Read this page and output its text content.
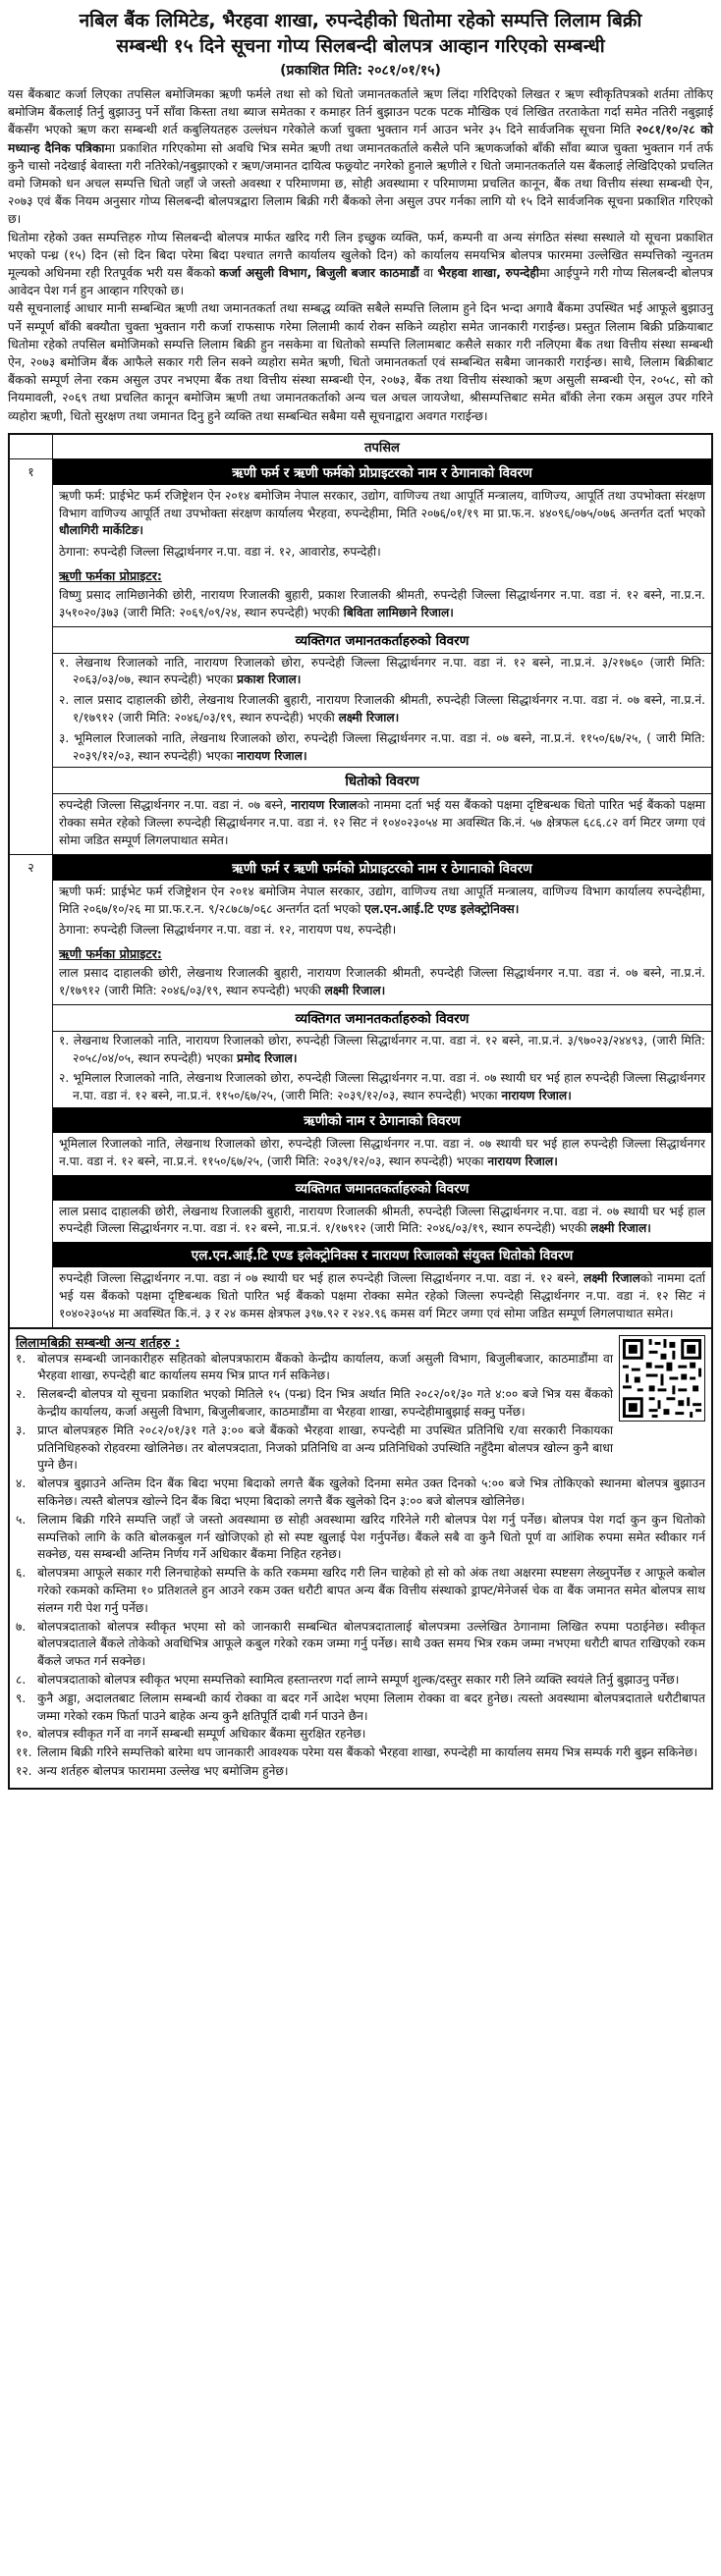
नबिल बैंक लिमिटेड, भैरहवा शाखा, रुपन्देहीको धितोमा रहेको सम्पत्ति लिलाम बिक्री
सम्बन्धी १५ दिने सूचना गोप्य सिलबन्दी बोलपत्र आव्हान गरिएको सम्बन्धी
(प्रकाशित मिति: २०८१/०१/१५)

यस बैंकबाट कर्जा लिएका तपसिल बमोजिमका ऋणी फर्मले तथा सो को धितो जमानतकर्ताले ऋण लिंदा गरिदिएको लिखत र ऋण स्वीकृतिपत्रको शर्तमा तोकिए बमोजिम बैंकलाई तिर्नु बुझाउनु पर्ने साँवा किस्ता तथा ब्याज समेतका र कमाहर तिर्न बुझाउन पटक पटक मौखिक एवं लिखित तरताकेता गर्दा समेत नतिरी नबुझाई बैंकसँग भएको ऋण करा सम्बन्धी शर्त कबुलियतहरु उल्लंघन गरेकोले कर्जा चुक्ता भुक्तान गर्न आउन भनेर ३५ दिने सार्वजनिक सूचना मिति २०८१/१०/२८ को मध्यान्ह दैनिक पत्रिकामा प्रकाशित गरिएकोमा सो अवधि भित्र समेत ऋणी तथा जमानतकर्ताले कसैले पनि ऋणकर्जाको बाँकी साँवा ब्याज चुक्ता भुक्तान गर्न तर्फ कुनै चासो नदेखाई बेवास्ता गरी नतिरेको/नबुझाएको र ऋण/जमानत दायित्व फछ्र्योट नगरेको हुनाले ऋणीले र धितो जमानतकर्ताले यस बैंकलाई लेखिदिएको प्रचलित वमो जिमको धन अचल सम्पत्ति धितो जहाँ जे जस्तो अवस्था र परिमाणमा छ, सोही अवस्थामा र परिमाणमा प्रचलित कानून, बैंक तथा वित्तीय संस्था सम्बन्धी ऐन, २०७३ एवं बैंक नियम अनुसार गोप्य सिलबन्दी बोलपत्रद्वारा लिलाम बिक्री गरी बैंकको लेना असुल उपर गर्नका लागि यो १५ दिने सार्वजनिक सूचना प्रकाशित गरिएको छ।

धितोमा रहेको उक्त सम्पत्तिहरु गोप्य सिलबन्दी बोलपत्र मार्फत खरिद गरी लिन इच्छुक व्यक्ति, फर्म, कम्पनी वा अन्य संगठित संस्था सस्थाले यो सूचना प्रकाशित भएको पन्ध्र (१५) दिन (सो दिन बिदा परेमा बिदा पश्चात लगत्तै कार्यालय खुलेको दिन) को कार्यालय समयभित्र बोलपत्र फारममा उल्लेखित सम्पत्तिको न्युनतम मूल्यको अधिनमा रही रितपूर्वक भरी यस बैंकको कर्जा असुली विभाग, बिजुली बजार काठमाडौं वा भैरहवा शाखा, रुपन्देहीमा आईपुग्ने गरी गोप्य सिलबन्दी बोलपत्र आवेदन पेश गर्न हुन आव्हान गरिएको छ।

यसै सूचनालाई आधार मानी सम्बन्धित ऋणी तथा जमानतकर्ता तथा सम्बद्ध व्यक्ति सबैले सम्पत्ति लिलाम हुने दिन भन्दा अगावै बैंकमा उपस्थित भई आफूले बुझाउनु पर्ने सम्पूर्ण बाँकी बक्यौता चुक्ता भुक्तान गरी कर्जा राफसाफ गरेमा लिलामी कार्य रोक्न सकिने व्यहोरा समेत जानकारी गराईन्छ। प्रस्तुत लिलाम बिक्री प्रक्रियाबाट धितोमा रहेको तपसिल बमोजिमको सम्पत्ति लिलाम बिक्री हुन नसकेमा वा धितोको सम्पत्ति लिलामबाट कसैले सकार गरी नलिएमा बैंक तथा वित्तीय संस्था सम्बन्धी ऐन, २०७३ बमोजिम बैंक आफैले सकार गरी लिन सक्ने व्यहोरा समेत ऋणी, धितो जमानतकर्ता एवं सम्बन्धित सबैमा जानकारी गराईन्छ। साथै, लिलाम बिक्रीबाट बैंकको सम्पूर्ण लेना रकम असुल उपर नभएमा बैंक तथा वित्तीय संस्था सम्बन्धी ऐन, २०७३, बैंक तथा वित्तीय संस्थाको ऋण असुली सम्बन्धी ऐन, २०५८, सो को नियमावली, २०६९ तथा प्रचलित कानून बमोजिम ऋणी तथा जमानतकर्ताको अन्य चल अचल जायजेथा, श्रीसम्पत्तिबाट समेत बाँकी लेना रकम असुल उपर गरिने व्यहोरा ऋणी, धितो सुरक्षण तथा जमानत दिनु हुने व्यक्ति तथा सम्बन्धित सबैमा यसै सूचनाद्वारा अवगत गराईन्छ।

तपसिल
१	ऋणी फर्म र ऋणी फर्मको प्रोप्राइटरको नाम र ठेगानाको विवरण
ऋणी फर्म: प्राईभेट फर्म रजिष्ट्रेशन ऐन २०१४ बमोजिम नेपाल सरकार, उद्योग, वाणिज्य तथा आपूर्ति मन्त्रालय, वाणिज्य, आपूर्ति तथा उपभोक्ता संरक्षण विभाग वाणिज्य आपूर्ति तथा उपभोक्ता संरक्षण कार्यालय भैरहवा, रुपन्देहीमा, मिति २०७६/०१/१९ मा प्रा.फ.न. ४४०९६/०७५/०७६ अन्तर्गत दर्ता भएको धौलागिरी मार्केटिङ।
ठेगाना: रुपन्देही जिल्ला सिद्धार्थनगर न.पा. वडा नं. १२, आवारोड, रुपन्देही।
ऋणी फर्मका प्रोप्राइटर:
विष्णु प्रसाद लामिछानेकी छोरी, नारायण रिजालकी बुहारी, प्रकाश रिजालकी श्रीमती, रुपन्देही जिल्ला सिद्धार्थनगर न.पा. वडा नं. १२ बस्ने, ना.प्र.न. ३५१०२०/३७३ (जारी मिति: २०६९/०९/२४, स्थान रुपन्देही) भएकी बिविता लामिछाने रिजाल।
व्यक्तिगत जमानतकर्ताहरुको विवरण
१. लेखनाथ रिजालको नाति, नारायण रिजालको छोरा, रुपन्देही जिल्ला सिद्धार्थनगर न.पा. वडा नं. १२ बस्ने, ना.प्र.नं. ३/२१७६० (जारी मिति: २०६३/०३/०७, स्थान रुपन्देही) भएका प्रकाश रिजाल।
२. लाल प्रसाद दाहालकी छोरी, लेखनाथ रिजालकी बुहारी, नारायण रिजालकी श्रीमती, रुपन्देही जिल्ला सिद्धार्थनगर न.पा. वडा नं. ०७ बस्ने, ना.प्र.नं. १/१७९१२ (जारी मिति: २०४६/०३/१९, स्थान रुपन्देही) भएकी लक्ष्मी रिजाल।
३. भूमिलाल रिजालको नाति, लेखनाथ रिजालको छोरा, रुपन्देही जिल्ला सिद्धार्थनगर न.पा. वडा नं. ०७ बस्ने, ना.प्र.नं. ११५०/६७/२५, ( जारी मिति: २०३९/१२/०३, स्थान रुपन्देही) भएका नारायण रिजाल।
धितोको विवरण
रुपन्देही जिल्ला सिद्धार्थनगर न.पा. वडा नं. ०७ बस्ने, नारायण रिजालको नाममा दर्ता भई यस बैंकको पक्षमा दृष्टिबन्धक धितो पारित भई बैंकको पक्षमा रोक्का समेत रहेको जिल्ला रुपन्देही सिद्धार्थनगर न.पा. वडा नं. १२ सिट नं १०४०२३०५४ मा अवस्थित कि.नं. ५७ क्षेत्रफल ६८६.८२ वर्ग मिटर जग्गा एवं सोमा जडित सम्पूर्ण लिगलपाथात समेत।
२	ऋणी फर्म र ऋणी फर्मको प्रोप्राइटरको नाम र ठेगानाको विवरण
ऋणी फर्म: प्राईभेट फर्म रजिष्ट्रेशन ऐन २०१४ बमोजिम नेपाल सरकार, उद्योग, वाणिज्य तथा आपूर्ति मन्त्रालय, वाणिज्य विभाग कार्यालय रुपन्देहीमा, मिति २०६७/१०/२६ मा प्रा.फ.र.न. ९/२८७८७/०६८ अन्तर्गत दर्ता भएको एल.एन.आई.टि एण्ड इलेक्ट्रोनिक्स।
ठेगाना: रुपन्देही जिल्ला सिद्धार्थनगर न.पा. वडा नं. १२, नारायण पथ, रुपन्देही।
ऋणी फर्मका प्रोप्राइटर:
लाल प्रसाद दाहालकी छोरी, लेखनाथ रिजालकी बुहारी, नारायण रिजालकी श्रीमती, रुपन्देही जिल्ला सिद्धार्थनगर न.पा. वडा नं. ०७ बस्ने, ना.प्र.नं. १/१७९१२ (जारी मिति: २०४६/०३/१९, स्थान रुपन्देही) भएकी लक्ष्मी रिजाल।
व्यक्तिगत जमानतकर्ताहरुको विवरण
१. लेखनाथ रिजालको नाति, नारायण रिजालको छोरा, रुपन्देही जिल्ला सिद्धार्थनगर न.पा. वडा नं. १२ बस्ने, ना.प्र.नं. ३/९७०२३/२४४९३, (जारी मिति: २०५८/०४/०५, स्थान रुपन्देही) भएका प्रमोद रिजाल।
२. भूमिलाल रिजालको नाति, लेखनाथ रिजालको छोरा, रुपन्देही जिल्ला सिद्धार्थनगर न.पा. वडा नं. ०७ स्थायी घर भई हाल रुपन्देही जिल्ला सिद्धार्थनगर न.पा. वडा नं. १२ बस्ने, ना.प्र.नं. ११५०/६७/२५, (जारी मिति: २०३९/१२/०३, स्थान रुपन्देही) भएका नारायण रिजाल।
ऋणीको नाम र ठेगानाको विवरण
भूमिलाल रिजालको नाति, लेखनाथ रिजालको छोरा, रुपन्देही जिल्ला सिद्धार्थनगर न.पा. वडा नं. ०७ स्थायी घर भई हाल रुपन्देही जिल्ला सिद्धार्थनगर न.पा. वडा नं. १२ बस्ने, ना.प्र.नं. ११५०/६७/२५, (जारी मिति: २०३९/१२/०३, स्थान रुपन्देही) भएका नारायण रिजाल।
व्यक्तिगत जमानतकर्ताहरुको विवरण
लाल प्रसाद दाहालकी छोरी, लेखनाथ रिजालकी बुहारी, नारायण रिजालकी श्रीमती, रुपन्देही जिल्ला सिद्धार्थनगर न.पा. वडा नं. ०७ स्थायी घर भई हाल रुपन्देही जिल्ला सिद्धार्थनगर न.पा. वडा नं. १२ बस्ने, ना.प्र.नं. १/१७९१२ (जारी मिति: २०४६/०३/१९, स्थान रुपन्देही) भएकी लक्ष्मी रिजाल।
एल.एन.आई.टि एण्ड इलेक्ट्रोनिक्स र नारायण रिजालको संयुक्त धितोको विवरण
रुपन्देही जिल्ला सिद्धार्थनगर न.पा. वडा नं ०७ स्थायी घर भई हाल रुपन्देही जिल्ला सिद्धार्थनगर न.पा. वडा नं. १२ बस्ने, लक्ष्मी रिजालको नाममा दर्ता भई यस बैंकको पक्षमा दृष्टिबन्धक धितो पारित भई बैंकको पक्षमा रोक्का समेत रहेको जिल्ला रुपन्देही सिद्धार्थनगर न.पा. वडा नं. १२ सिट नं १०४०२३०५४ मा अवस्थित कि.नं. ३ र २४ कमस क्षेत्रफल ३९७.९२ र २४२.९६ कमस वर्ग मिटर जग्गा एवं सोमा जडित सम्पूर्ण लिगलपाथात समेत।
लिलामबिक्री सम्बन्धी अन्य शर्तहरु :
१. बोलपत्र सम्बन्धी जानकारीहरु सहितको बोलपत्रफाराम बैंकको केन्द्रीय कार्यालय, कर्जा असुली विभाग, बिजुलीबजार, काठमाडौंमा वा भैरहवा शाखा, रुपन्देही बाट कार्यालय समय भित्र प्राप्त गर्न सकिनेछ।
२. सिलबन्दी बोलपत्र यो सूचना प्रकाशित भएको मितिले १५ (पन्ध्र) दिन भित्र अर्थात मिति २०८२/०१/३० गते ४:०० बजे भित्र यस बैंकको केन्द्रीय कार्यालय, कर्जा असुली विभाग, बिजुलीबजार, काठमाडौंमा वा भैरहवा शाखा, रुपन्देहीमाबुझाई सक्नु पर्नेछ।
३. प्राप्त बोलपत्रहरु मिति २०८२/०१/३१ गते ३:०० बजे बैंकको भैरहवा शाखा, रुपन्देही मा उपस्थित प्रतिनिधि र/वा सरकारी निकायका प्रतिनिधिहरुको रोहवरमा खोलिनेछ। तर बोलपत्रदाता, निजको प्रतिनिधि वा अन्य प्रतिनिधिको उपस्थिति नहुँदैमा बोलपत्र खोल्न कुनै बाधा पुग्ने छैन।
४. बोलपत्र बुझाउने अन्तिम दिन बैंक बिदा भएमा बिदाको लगत्तै बैंक खुलेको दिनमा समेत उक्त दिनको ५:०० बजे भित्र तोकिएको स्थानमा बोलपत्र बुझाउन सकिनेछ। त्यस्तै बोलपत्र खोल्ने दिन बैंक बिदा भएमा बिदाको लगत्तै बैंक खुलेको दिन ३:०० बजे बोलपत्र खोलिनेछ।
५. लिलाम बिक्री गरिने सम्पत्ति जहाँ जे जस्तो अवस्थामा छ सोही अवस्थामा खरिद गरिनेले गरी बोलपत्र पेश गर्नु पर्नेछ। बोलपत्र पेश गर्दा कुन कुन धितोको सम्पत्तिको लागि के कति बोलकबुल गर्न खोजिएको हो सो स्पष्ट खुलाई पेश गर्नुपर्नेछ। बैंकले सबै वा कुनै धितो पूर्ण वा आंशिक रुपमा समेत स्वीकार गर्न सक्नेछ, यस सम्बन्धी अन्तिम निर्णय गर्ने अधिकार बैंकमा निहित रहनेछ।
६. बोलपत्रमा आफूले सकार गरी लिनचाहेको सम्पत्ति के कति रकममा खरिद गरी लिन चाहेको हो सो को अंक तथा अक्षरमा स्पष्टसग लेख्नुपर्नेछ र आफूले कबोल गरेको रकमको कम्तिमा १० प्रतिशतले हुन आउने रकम उक्त धरौटी बापत अन्य बैंक वित्तीय संस्थाको ड्राफ्ट/मेनेजर्स चेक वा बैंक जमानत समेत बोलपत्र साथ संलग्न गरी पेश गर्नु पर्नेछ।
७. बोलपत्रदाताको बोलपत्र स्वीकृत भएमा सो को जानकारी सम्बन्धित बोलपत्रदातालाई बोलपत्रमा उल्लेखित ठेगानामा लिखित रुपमा पठाईनेछ। स्वीकृत बोलपत्रदाताले बैंकले तोकेको अवधिभित्र आफूले कबुल गरेको रकम जम्मा गर्नु पर्नेछ। साथै उक्त समय भित्र रकम जम्मा नभएमा धरौटी बापत राखिएको रकम बैंकले जफत गर्न सक्नेछ।
८. बोलपत्रदाताको बोलपत्र स्वीकृत भएमा सम्पत्तिको स्वामित्व हस्तान्तरण गर्दा लाग्ने सम्पूर्ण शुल्क/दस्तुर सकार गरी लिने व्यक्ति स्वयंले तिर्नु बुझाउनु पर्नेछ।
९. कुनै अड्डा, अदालतबाट लिलाम सम्बन्धी कार्य रोक्का वा बदर गर्ने आदेश भएमा लिलाम रोक्का वा बदर हुनेछ। त्यस्तो अवस्थामा बोलपत्रदाताले धरौटीबापत जम्मा गरेको रकम फिर्ता पाउने बाहेक अन्य कुनै क्षतिपूर्ति दाबी गर्न पाउने छैन।
१०. बोलपत्र स्वीकृत गर्ने वा नगर्ने सम्बन्धी सम्पूर्ण अधिकार बैंकमा सुरक्षित रहनेछ।
११. लिलाम बिक्री गरिने सम्पत्तिको बारेमा थप जानकारी आवश्यक परेमा यस बैंकको भैरहवा शाखा, रुपन्देही मा कार्यालय समय भित्र सम्पर्क गरी बुझ्न सकिनेछ।
१२. अन्य शर्तहरु बोलपत्र फाराममा उल्लेख भए बमोजिम हुनेछ।
